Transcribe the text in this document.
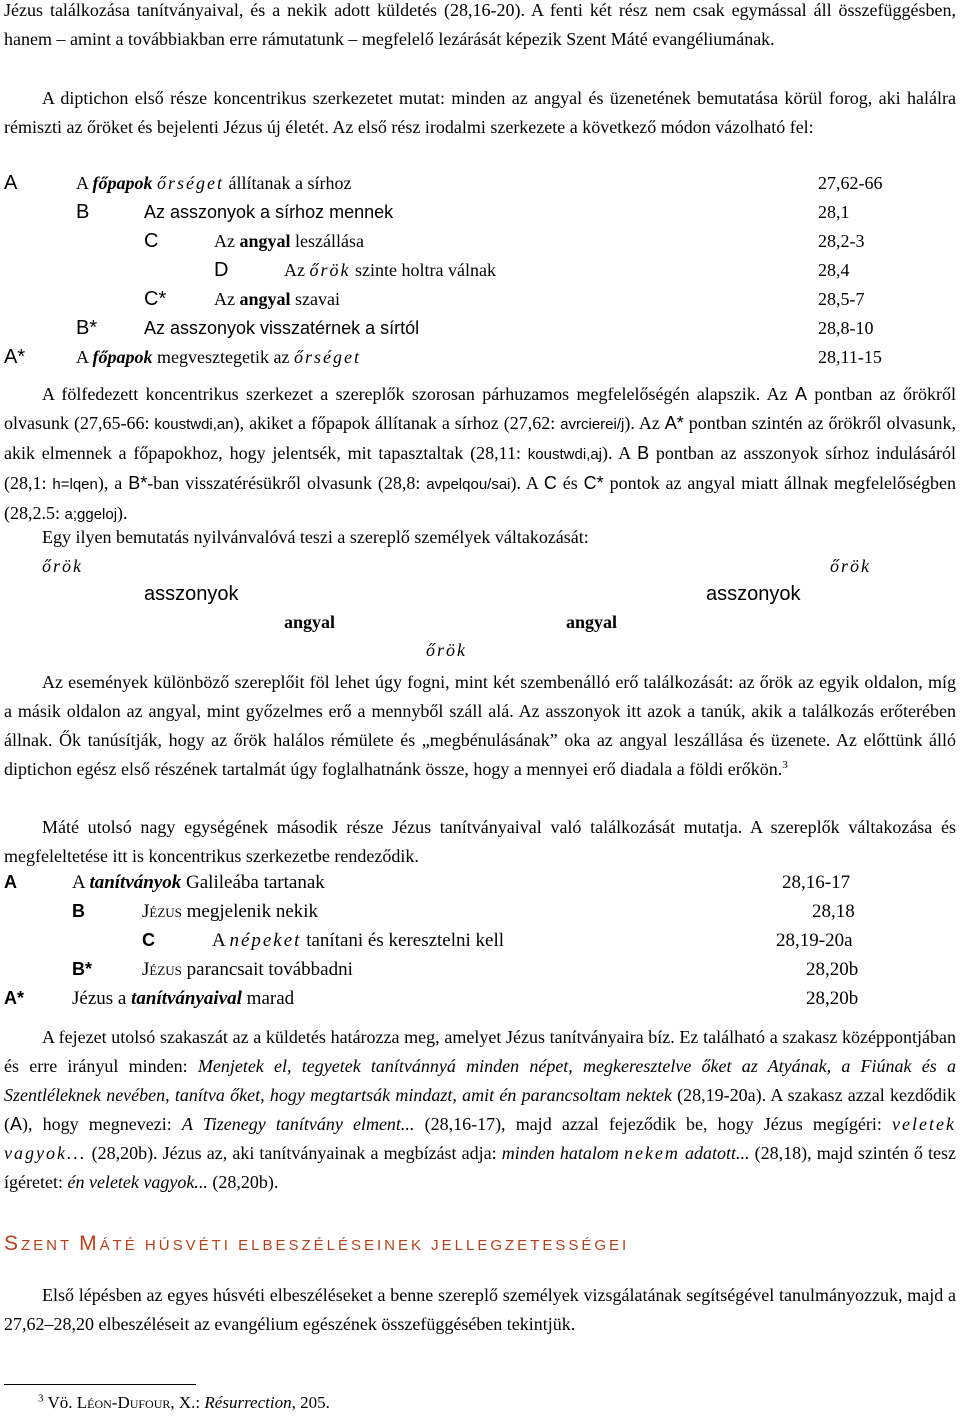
Jézus találkozása tanítványaival, és a nekik adott küldetés (28,16-20). A fenti két rész nem csak egymással áll összefüggésben, hanem – amint a továbbiakban erre rámutatunk – megfelelő lezárását képezik Szent Máté evangéliumának.

A diptichon első része koncentrikus szerkezetet mutat: minden az angyal és üzenetének bemutatása körül forog, aki halálra rémiszti az őröket és bejelenti Jézus új életét. Az első rész irodalmi szerkezete a következő módon vázolható fel:

A	A főpapok őrséget állítanak a sírhoz	27,62-66
B	Az asszonyok a sírhoz mennek	28,1
C	Az angyal leszállása	28,2-3
D	Az őrök szinte holtra válnak	28,4
C*	Az angyal szavai	28,5-7
B*	Az asszonyok visszatérnek a sírtól	28,8-10
A*	A főpapok megvesztegetik az őrséget	28,11-15

A fölfedezett koncentrikus szerkezet a szereplők szorosan párhuzamos megfelelőségén alapszik. Az A pontban az őrökről olvasunk (27,65-66: koustwdi,an), akiket a főpapok állítanak a sírhoz (27,62: avrcierei/j). Az A* pontban szintén az őrökről olvasunk, akik elmennek a főpapokhoz, hogy jelentsék, mit tapasztaltak (28,11: koustwdi,aj). A B pontban az asszonyok sírhoz indulásáról (28,1: h=lqen), a B*-ban visszatérésükről olvasunk (28,8: avpelqou/sai). A C és C* pontok az angyal miatt állnak megfelelőségben (28,2.5: a;ggeloj).

Egy ilyen bemutatás nyilvánvalóvá teszi a szereplő személyek váltakozását:

őrök	őrök
asszonyok	asszonyok
angyal	angyal
őrök

Az események különböző szereplőit föl lehet úgy fogni, mint két szembenálló erő találkozását: az őrök az egyik oldalon, míg a másik oldalon az angyal, mint győzelmes erő a mennyből száll alá. Az asszonyok itt azok a tanúk, akik a találkozás erőterében állnak. Ők tanúsítják, hogy az őrök halálos rémülete és „megbénulásának” oka az angyal leszállása és üzenete. Az előttünk álló diptichon egész első részének tartalmát úgy foglalhatnánk össze, hogy a mennyei erő diadala a földi erőkön.$^3$

Máté utolsó nagy egységének második része Jézus tanítványaival való találkozását mutatja. A szereplők váltakozása és megfeleltetése itt is koncentrikus szerkezetbe rendeződik.

A	A tanítványok Galileába tartanak	28,16-17
B	Jézus megjelenik nekik	28,18
C	A népeket tanítani és keresztelni kell	28,19-20a
B*	Jézus parancsait továbbadni	28,20b
A*	Jézus a tanítványaival marad	28,20b

A fejezet utolsó szakaszát az a küldetés határozza meg, amelyet Jézus tanítványaira bíz. Ez található a szakasz középpontjában és erre irányul minden: Menjetek el, tegyetek tanítvánnyá minden népet, megkeresztelve őket az Atyának, a Fiúnak és a Szentléleknek nevében, tanítva őket, hogy megtartsák mindazt, amit én parancsoltam nektek (28,19-20a). A szakasz azzal kezdődik (A), hogy megnevezi: A Tizenegy tanítvány elment... (28,16-17), majd azzal fejeződik be, hogy Jézus megígéri: veletek vagyok... (28,20b). Jézus az, aki tanítványainak a megbízást adja: minden hatalom nekem adatott... (28,18), majd szintén ő tesz ígéretet: én veletek vagyok... (28,20b).

SZENT MÁTÉ HÚSVÉTI ELBESZÉLÉSEINEK JELLEGZETESSÉGEI

Első lépésben az egyes húsvéti elbeszéléseket a benne szereplő személyek vizsgálatának segítségével tanulmányozzuk, majd a 27,62–28,20 elbeszéléseit az evangélium egészének összefüggésében tekintjük.

$^3$ Vö. Léon-Dufour, X.: Résurrection, 205.
